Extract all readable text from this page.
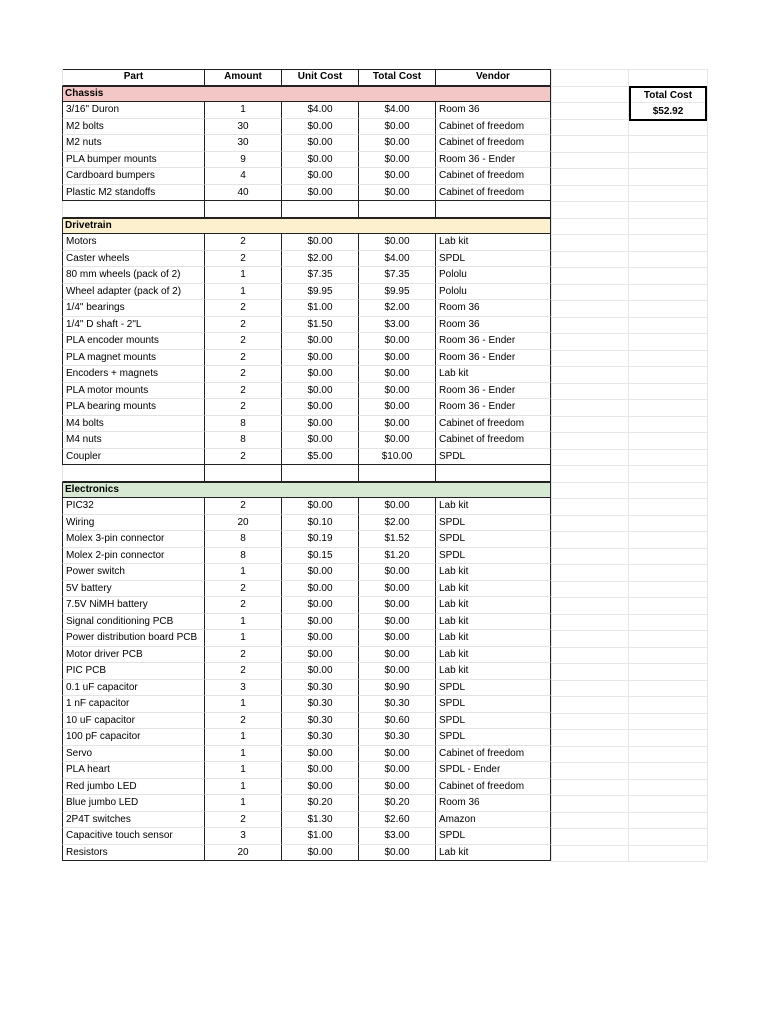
Part	Amount	Unit Cost	Total Cost	Vendor
Chassis
3/16" Duron	1	$4.00	$4.00	Room 36
M2 bolts	30	$0.00	$0.00	Cabinet of freedom
M2 nuts	30	$0.00	$0.00	Cabinet of freedom
PLA bumper mounts	9	$0.00	$0.00	Room 36 - Ender
Cardboard bumpers	4	$0.00	$0.00	Cabinet of freedom
Plastic M2 standoffs	40	$0.00	$0.00	Cabinet of freedom
Drivetrain
Motors	2	$0.00	$0.00	Lab kit
Caster wheels	2	$2.00	$4.00	SPDL
80 mm wheels (pack of 2)	1	$7.35	$7.35	Pololu
Wheel adapter (pack of 2)	1	$9.95	$9.95	Pololu
1/4" bearings	2	$1.00	$2.00	Room 36
1/4" D shaft - 2"L	2	$1.50	$3.00	Room 36
PLA encoder mounts	2	$0.00	$0.00	Room 36 - Ender
PLA magnet mounts	2	$0.00	$0.00	Room 36 - Ender
Encoders + magnets	2	$0.00	$0.00	Lab kit
PLA motor mounts	2	$0.00	$0.00	Room 36 - Ender
PLA bearing mounts	2	$0.00	$0.00	Room 36 - Ender
M4 bolts	8	$0.00	$0.00	Cabinet of freedom
M4 nuts	8	$0.00	$0.00	Cabinet of freedom
Coupler	2	$5.00	$10.00	SPDL
Electronics
PIC32	2	$0.00	$0.00	Lab kit
Wiring	20	$0.10	$2.00	SPDL
Molex 3-pin connector	8	$0.19	$1.52	SPDL
Molex 2-pin connector	8	$0.15	$1.20	SPDL
Power switch	1	$0.00	$0.00	Lab kit
5V battery	2	$0.00	$0.00	Lab kit
7.5V NiMH battery	2	$0.00	$0.00	Lab kit
Signal conditioning PCB	1	$0.00	$0.00	Lab kit
Power distribution board PCB	1	$0.00	$0.00	Lab kit
Motor driver PCB	2	$0.00	$0.00	Lab kit
PIC PCB	2	$0.00	$0.00	Lab kit
0.1 uF capacitor	3	$0.30	$0.90	SPDL
1 nF capacitor	1	$0.30	$0.30	SPDL
10 uF capacitor	2	$0.30	$0.60	SPDL
100 pF capacitor	1	$0.30	$0.30	SPDL
Servo	1	$0.00	$0.00	Cabinet of freedom
PLA heart	1	$0.00	$0.00	SPDL - Ender
Red jumbo LED	1	$0.00	$0.00	Cabinet of freedom
Blue jumbo LED	1	$0.20	$0.20	Room 36
2P4T switches	2	$1.30	$2.60	Amazon
Capacitive touch sensor	3	$1.00	$3.00	SPDL
Resistors	20	$0.00	$0.00	Lab kit
Total Cost
$52.92
